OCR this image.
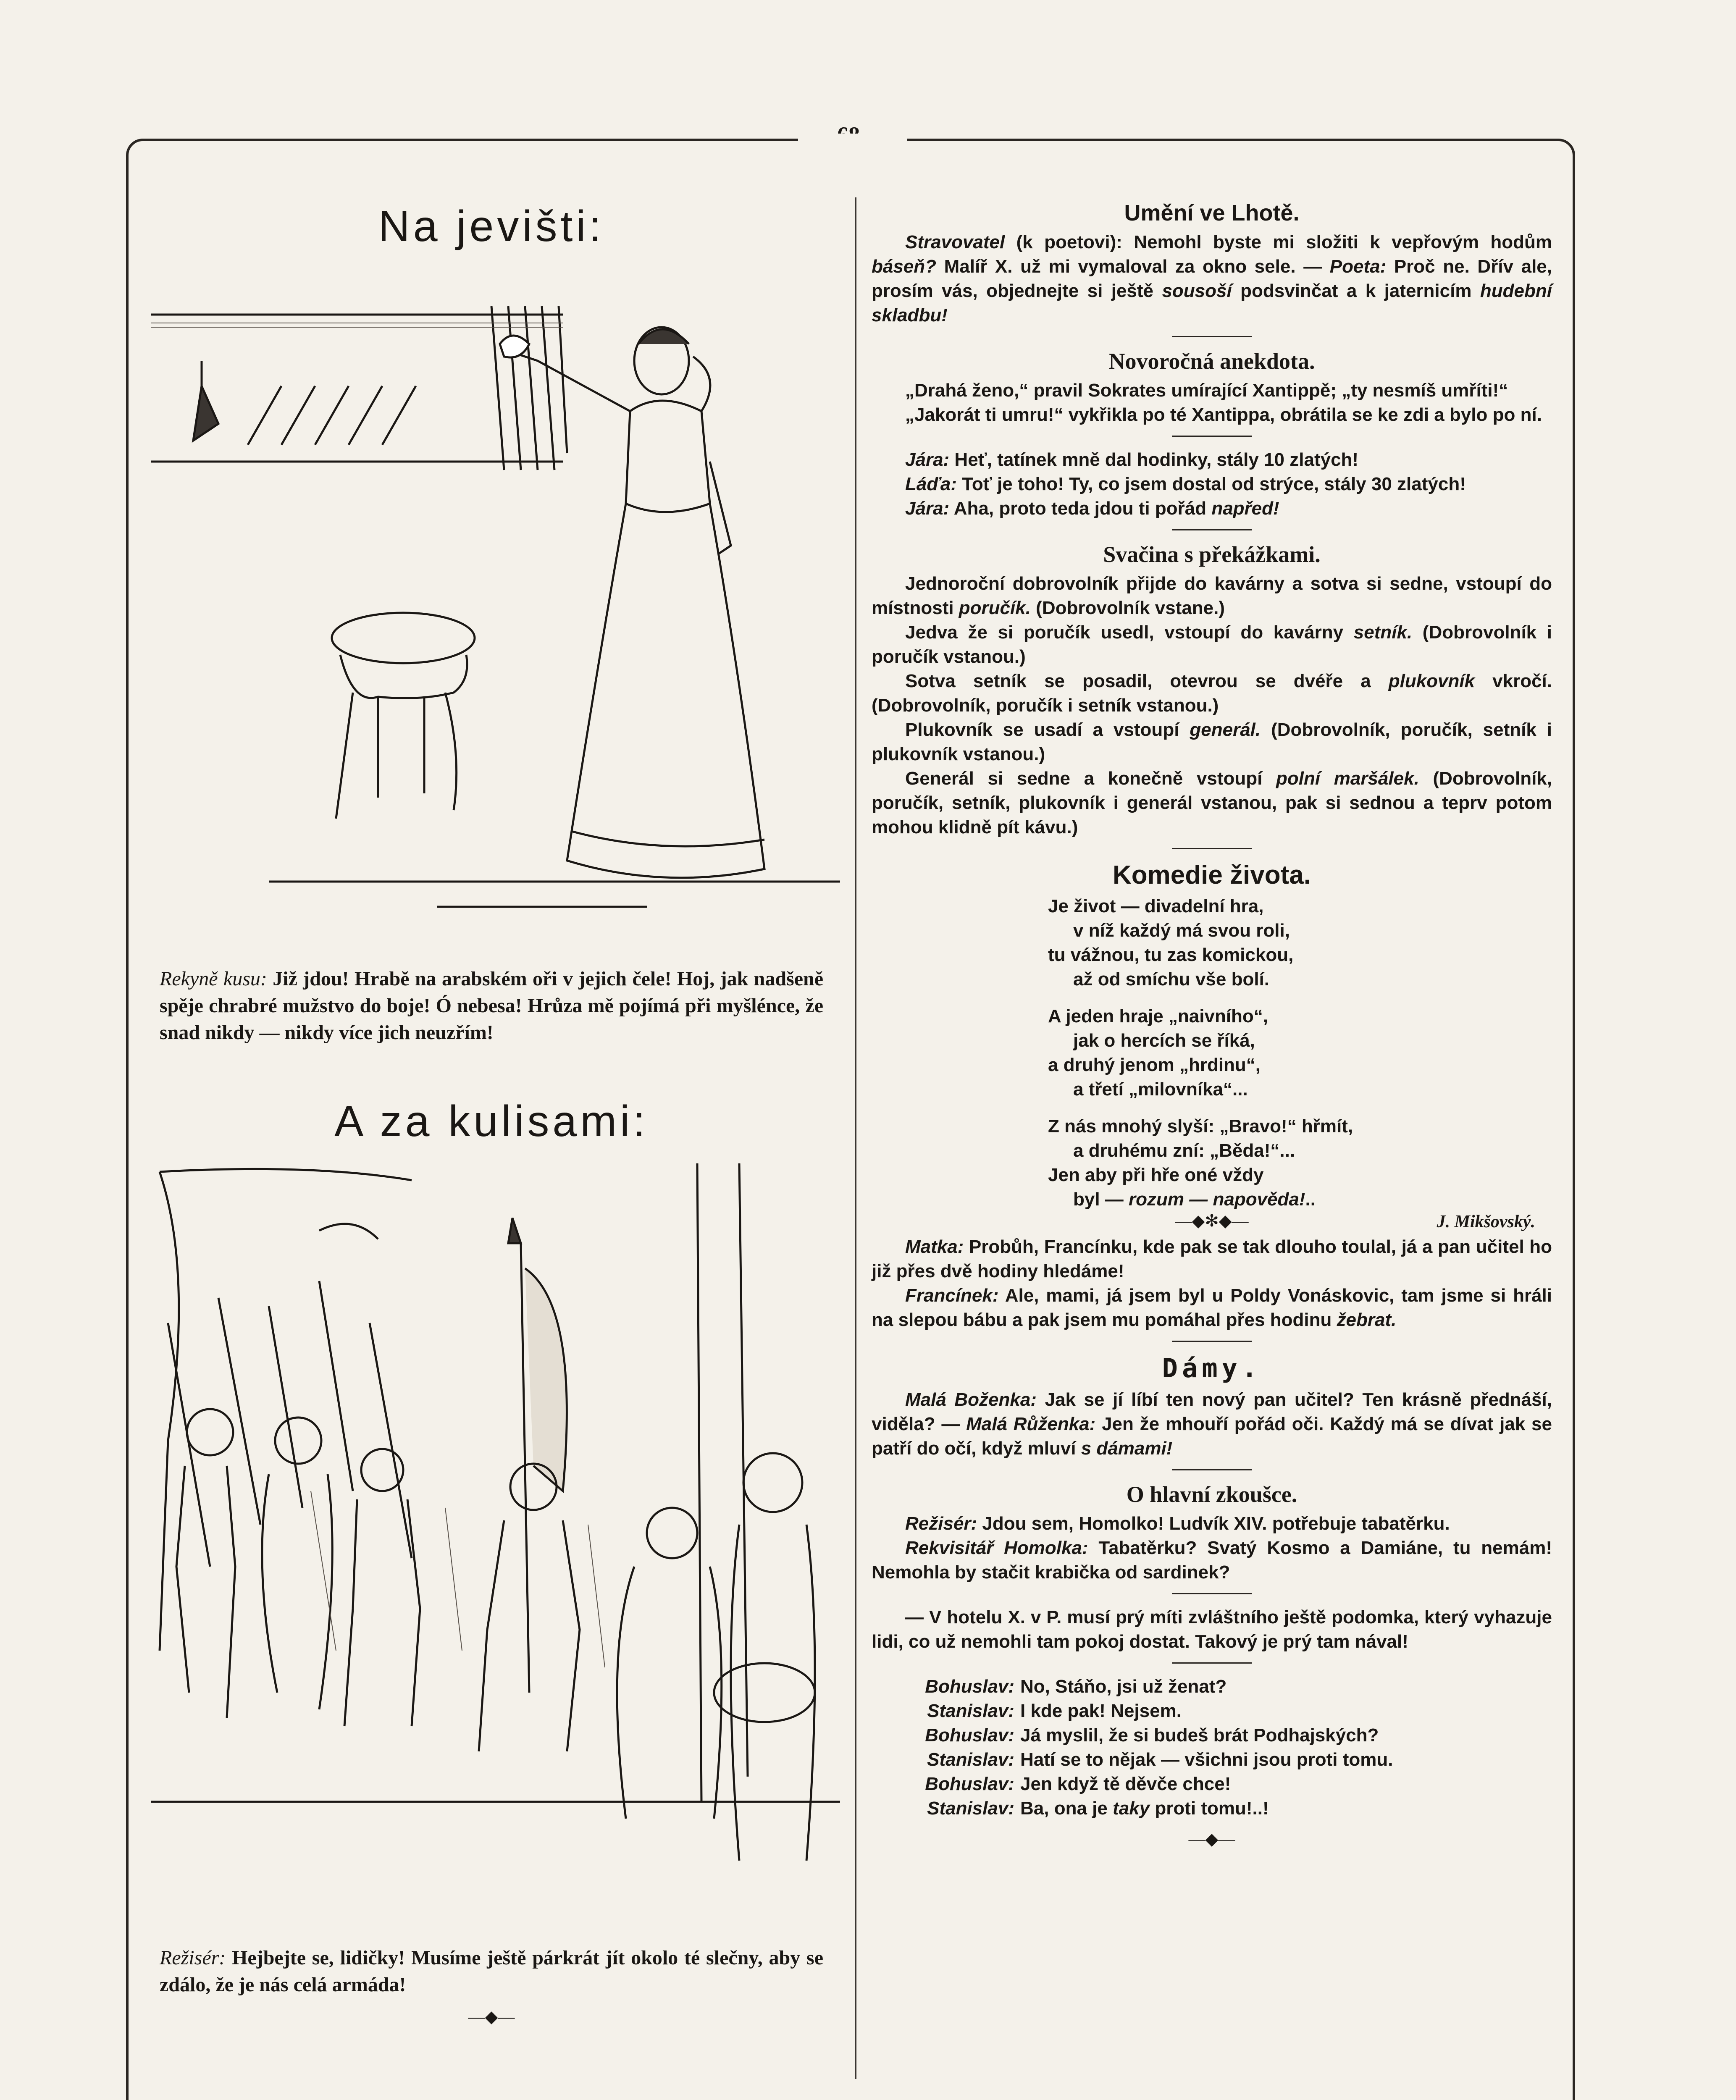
Na jevišti:
Rekyně kusu: Již jdou! Hrabě na arabském oři v jejich čele! Hoj, jak nadšeně spěje chrabré mužstvo do boje! Ó nebesa! Hrůza mě pojímá při myšlénce, že snad nikdy — nikdy více jich neuzřím!
A za kulisami:
Režisér: Hejbejte se, lidičky! Musíme ještě párkrát jít okolo té slečny, aby se zdálo, že je nás celá armáda!
—◆—
Umění ve Lhotě.

Stravovatel (k poetovi): Nemohl byste mi složiti k vepřovým hodům báseň? Malíř X. už mi vymaloval za okno sele. — Poeta: Proč ne. Dřív ale, prosím vás, objednejte si ještě sousoší podsvinčat a k jaternicím hudební skladbu!

Novoročná anekdota.

„Drahá ženo,“ pravil Sokrates umírající Xantippě; „ty nesmíš umříti!“

„Jakorát ti umru!“ vykřikla po té Xantippa, obrátila se ke zdi a bylo po ní.

Jára: Heť, tatínek mně dal hodinky, stály 10 zlatých!

Láďa: Toť je toho! Ty, co jsem dostal od strýce, stály 30 zlatých!

Jára: Aha, proto teda jdou ti pořád napřed!

Svačina s překážkami.

Jednoroční dobrovolník přijde do kavárny a sotva si sedne, vstoupí do místnosti poručík. (Dobrovolník vstane.)

Jedva že si poručík usedl, vstoupí do kavárny setník. (Dobrovolník i poručík vstanou.)

Sotva setník se posadil, otevrou se dvéře a plukovník vkročí. (Dobrovolník, poručík i setník vstanou.)

Plukovník se usadí a vstoupí generál. (Dobrovolník, poručík, setník i plukovník vstanou.)

Generál si sedne a konečně vstoupí polní maršálek. (Dobrovolník, poručík, setník, plukovník i generál vstanou, pak si sednou a teprv potom mohou klidně pít kávu.)

Komedie života.
Je život — divadelní hra,
v níž každý má svou roli,
tu vážnou, tu zas komickou,
až od smíchu vše bolí.
A jeden hraje „naivního“,
jak o hercích se říká,
a druhý jenom „hrdinu“,
a třetí „milovníka“...
Z nás mnohý slyší: „Bravo!“ hřmít,
a druhému zní: „Běda!“...
Jen aby při hře oné vždy
byl — rozum — napověda!..
J. Mikšovský.
—◆✻◆—

Matka: Probůh, Francínku, kde pak se tak dlouho toulal, já a pan učitel ho již přes dvě hodiny hledáme!

Francínek: Ale, mami, já jsem byl u Poldy Vonáskovic, tam jsme si hráli na slepou bábu a pak jsem mu pomáhal přes hodinu žebrat.

Dámy.

Malá Boženka: Jak se jí líbí ten nový pan učitel? Ten krásně přednáší, viděla? — Malá Růženka: Jen že mhouří pořád oči. Každý má se dívat jak se patří do očí, když mluví s dámami!

O hlavní zkoušce.

Režisér: Jdou sem, Homolko! Ludvík XIV. potřebuje tabatěrku.

Rekvisitář Homolka: Tabatěrku? Svatý Kosmo a Damiáne, tu nemám! Nemohla by stačit krabička od sardinek?

— V hotelu X. v P. musí prý míti zvláštního ještě podomka, který vyhazuje lidi, co už nemohli tam pokoj dostat. Takový je prý tam nával!

Bohuslav: No, Stáňo, jsi už ženat?
Stanislav: I kde pak! Nejsem.
Bohuslav: Já myslil, že si budeš brát Podhajských?
Stanislav: Hatí se to nějak — všichni jsou proti tomu.
Bohuslav: Jen když tě děvče chce!
Stanislav: Ba, ona je taky proti tomu!..!
—◆—
